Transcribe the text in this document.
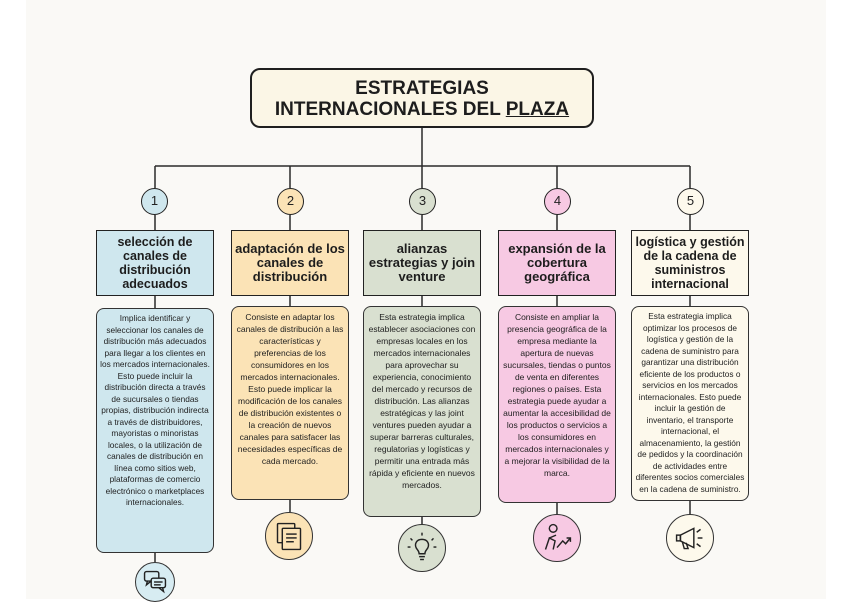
ESTRATEGIAS
INTERNACIONALES DEL PLAZA
1
selección de canales de distribución adecuados
Implica identificar y seleccionar los canales de distribución más adecuados para llegar a los clientes en los mercados internacionales. Esto puede incluir la distribución directa a través de sucursales o tiendas propias, distribución indirecta a través de distribuidores, mayoristas o minoristas locales, o la utilización de canales de distribución en línea como sitios web, plataformas de comercio electrónico o marketplaces internacionales.
2
adaptación de los canales de distribución
Consiste en adaptar los canales de distribución a las características y preferencias de los consumidores en los mercados internacionales. Esto puede implicar la modificación de los canales de distribución existentes o la creación de nuevos canales para satisfacer las necesidades específicas de cada mercado.
3
alianzas estrategias y join venture
Esta estrategia implica establecer asociaciones con empresas locales en los mercados internacionales para aprovechar su experiencia, conocimiento del mercado y recursos de distribución. Las alianzas estratégicas y las joint ventures pueden ayudar a superar barreras culturales, regulatorias y logísticas y permitir una entrada más rápida y eficiente en nuevos mercados.
4
expansión de la cobertura geográfica
Consiste en ampliar la presencia geográfica de la empresa mediante la apertura de nuevas sucursales, tiendas o puntos de venta en diferentes regiones o países. Esta estrategia puede ayudar a aumentar la accesibilidad de los productos o servicios a los consumidores en mercados internacionales y a mejorar la visibilidad de la marca.
5
logística y gestión de la cadena de suministros internacional
Esta estrategia implica optimizar los procesos de logística y gestión de la cadena de suministro para garantizar una distribución eficiente de los productos o servicios en los mercados internacionales. Esto puede incluir la gestión de inventario, el transporte internacional, el almacenamiento, la gestión de pedidos y la coordinación de actividades entre diferentes socios comerciales en la cadena de suministro.
